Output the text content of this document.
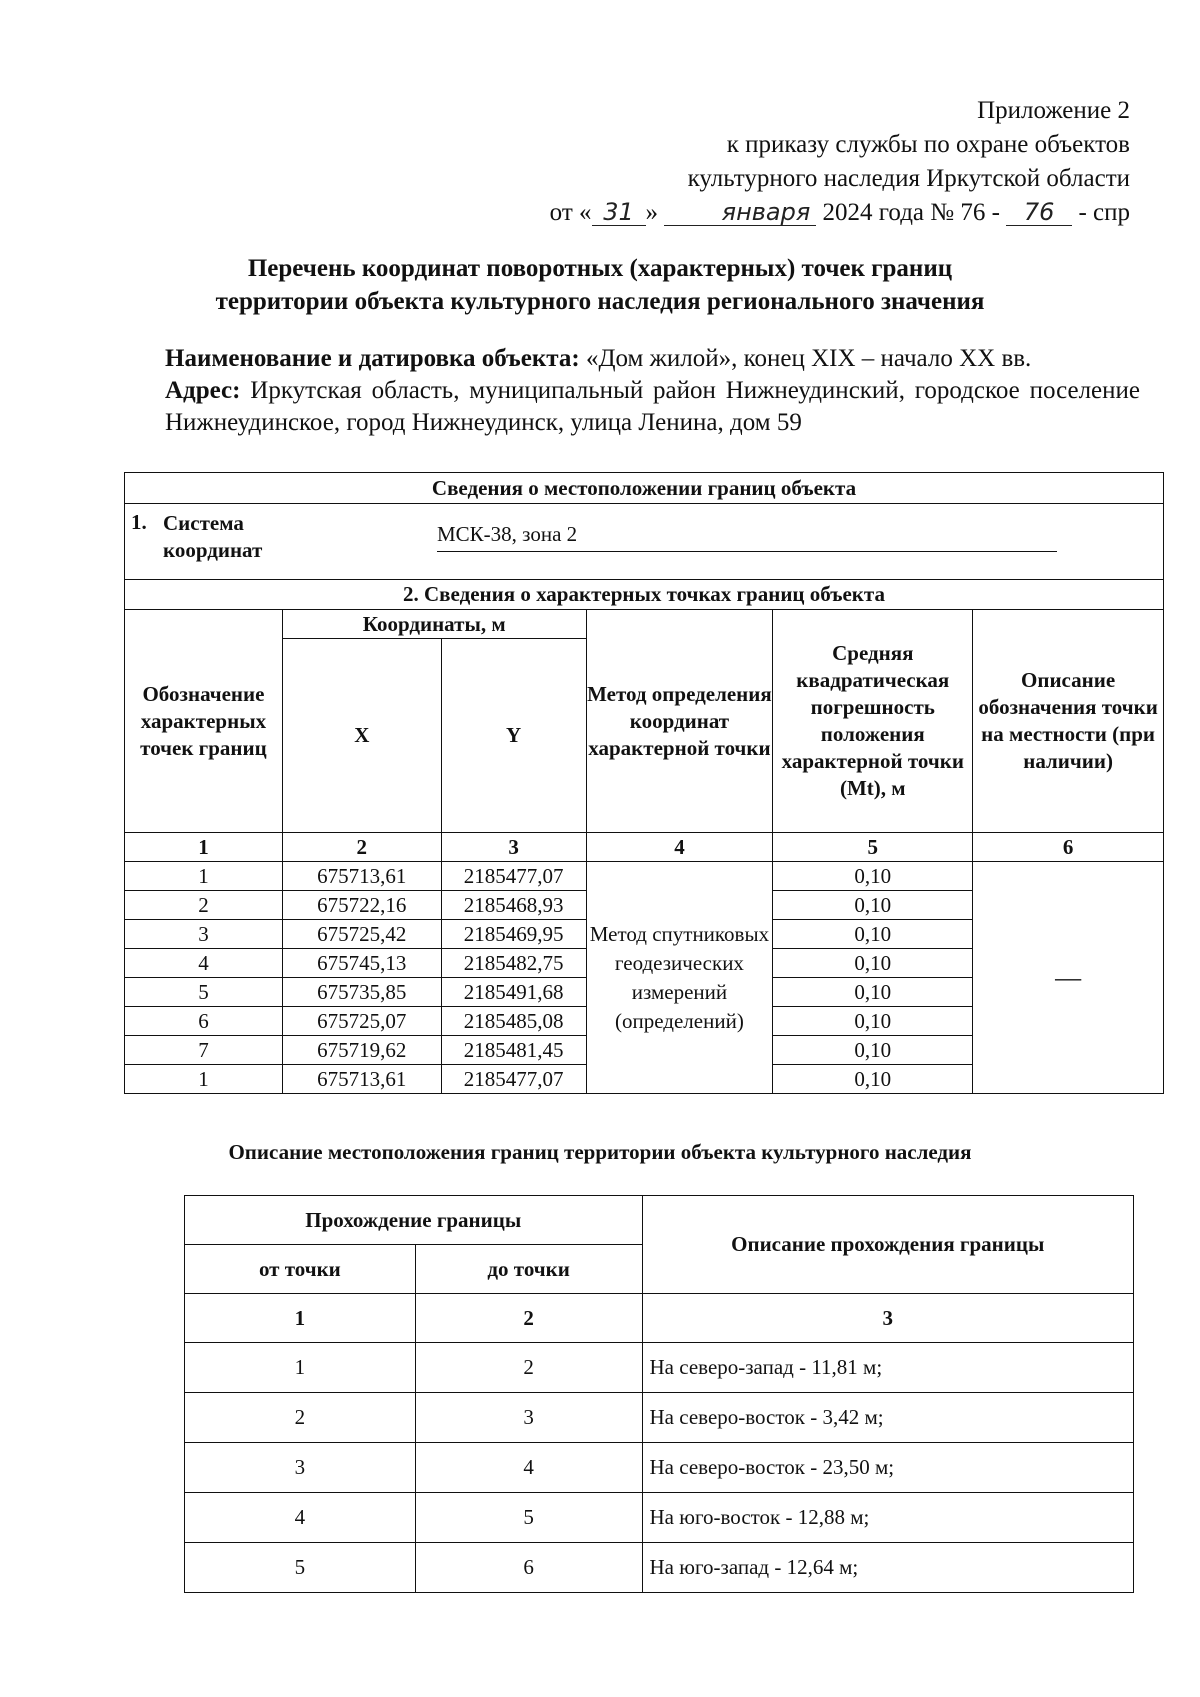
Приложение 2
к приказу службы по охране объектов
культурного наследия Иркутской области
от « 31 »	января 2024 года № 76 - 76 - спр
Перечень координат поворотных (характерных) точек границ
территории объекта культурного наследия регионального значения
Наименование и датировка объекта: «Дом жилой», конец XIX – начало XX вв.
Адрес: Иркутская область, муниципальный район Нижнеудинский, городское поселение Нижнеудинское, город Нижнеудинск, улица Ленина, дом 59
Сведения о местоположении границ объекта					

1. Система
координат
МСК-38, зона 2					

2. Сведения о характерных точках границ объекта					
Обозначение характерных точек границ	Координаты, м		Метод определения координат характерной точки	Средняя квадратическая погрешность положения характерной точки (Mt), м	Описание обозначения точки на местности (при наличии)
	X	Y			
1	2	3	4	5	6
1	675713,61	2185477,07	Метод спутниковых геодезических измерений (определений)	0,10	—
2	675722,16	2185468,93		0,10	
3	675725,42	2185469,95		0,10	
4	675745,13	2185482,75		0,10	
5	675735,85	2185491,68		0,10	
6	675725,07	2185485,08		0,10	
7	675719,62	2185481,45		0,10	
1	675713,61	2185477,07		0,10	
Описание местоположения границ территории объекта культурного наследия
Прохождение границы		Описание прохождения границы
от точки	до точки	
1	2	3
1	2	На северо-запад - 11,81 м;
2	3	На северо-восток - 3,42 м;
3	4	На северо-восток - 23,50 м;
4	5	На юго-восток - 12,88 м;
5	6	На юго-запад - 12,64 м;
